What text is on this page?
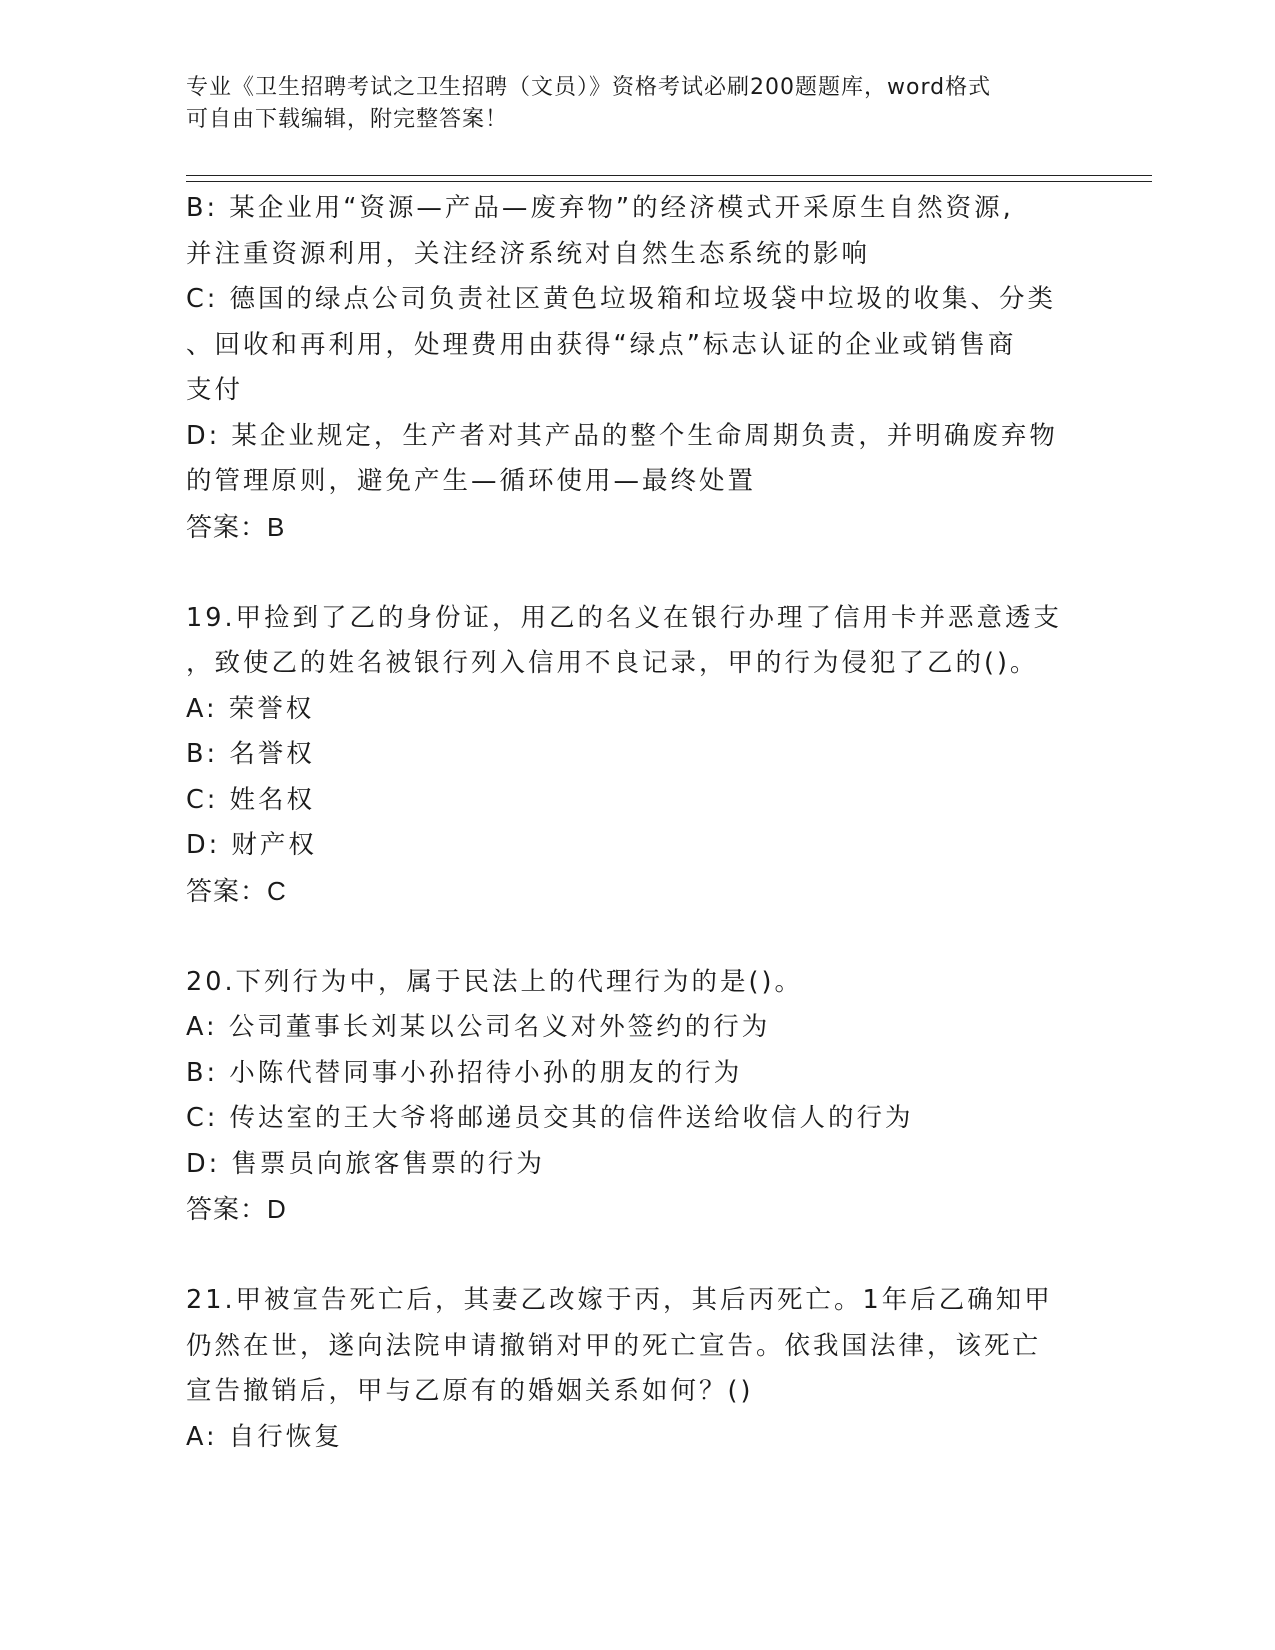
专业《卫生招聘考试之卫生招聘（文员）》资格考试必刷200题题库，word格式
可自由下载编辑，附完整答案！
B: 某企业用“资源—产品—废弃物”的经济模式开采原生自然资源,
并注重资源利用，关注经济系统对自然生态系统的影响
C: 德国的绿点公司负责社区黄色垃圾箱和垃圾袋中垃圾的收集、分类
、回收和再利用，处理费用由获得“绿点”标志认证的企业或销售商
支付
D: 某企业规定，生产者对其产品的整个生命周期负责，并明确废弃物
的管理原则，避免产生—循环使用—最终处置
答案：B
19.甲捡到了乙的身份证，用乙的名义在银行办理了信用卡并恶意透支
，致使乙的姓名被银行列入信用不良记录，甲的行为侵犯了乙的()。
A: 荣誉权
B: 名誉权
C: 姓名权
D: 财产权
答案：C
20.下列行为中，属于民法上的代理行为的是()。
A: 公司董事长刘某以公司名义对外签约的行为
B: 小陈代替同事小孙招待小孙的朋友的行为
C: 传达室的王大爷将邮递员交其的信件送给收信人的行为
D: 售票员向旅客售票的行为
答案：D
21.甲被宣告死亡后，其妻乙改嫁于丙，其后丙死亡。1年后乙确知甲
仍然在世，遂向法院申请撤销对甲的死亡宣告。依我国法律，该死亡
宣告撤销后，甲与乙原有的婚姻关系如何？()
A: 自行恢复
